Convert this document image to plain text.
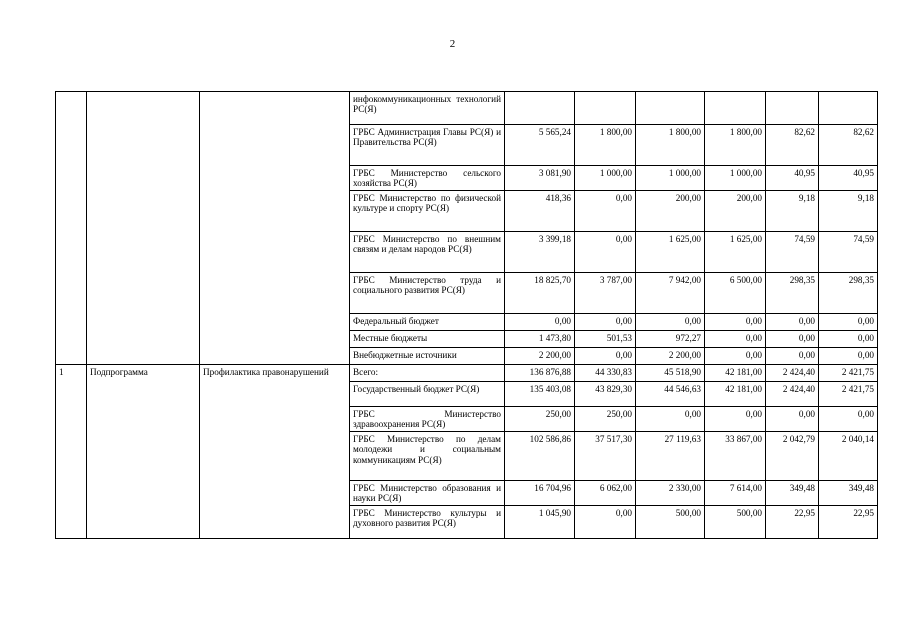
2
			инфокоммуникационных технологий РС(Я)						
			ГРБС Администрация Главы РС(Я) и Правительства РС(Я)	5 565,24	1 800,00	1 800,00	1 800,00	82,62	82,62
			ГРБС Министерство сельского хозяйства РС(Я)	3 081,90	1 000,00	1 000,00	1 000,00	40,95	40,95
			ГРБС Министерство по физической культуре и спорту РС(Я)	418,36	0,00	200,00	200,00	9,18	9,18
			ГРБС Министерство по внешним связям и делам народов РС(Я)	3 399,18	0,00	1 625,00	1 625,00	74,59	74,59
			ГРБС Министерство труда и социального развития РС(Я)	18 825,70	3 787,00	7 942,00	6 500,00	298,35	298,35
			Федеральный бюджет	0,00	0,00	0,00	0,00	0,00	0,00
			Местные бюджеты	1 473,80	501,53	972,27	0,00	0,00	0,00
			Внебюджетные источники	2 200,00	0,00	2 200,00	0,00	0,00	0,00
1	Подпрограмма	Профилактика правонарушений	Всего:	136 876,88	44 330,83	45 518,90	42 181,00	2 424,40	2 421,75
			Государственный бюджет РС(Я)	135 403,08	43 829,30	44 546,63	42 181,00	2 424,40	2 421,75
			ГРБС Министерство здравоохранения РС(Я)	250,00	250,00	0,00	0,00	0,00	0,00
			ГРБС Министерство по делам молодежи и социальным коммуникациям РС(Я)	102 586,86	37 517,30	27 119,63	33 867,00	2 042,79	2 040,14
			ГРБС Министерство образования и науки РС(Я)	16 704,96	6 062,00	2 330,00	7 614,00	349,48	349,48
			ГРБС Министерство культуры и духовного развития РС(Я)	1 045,90	0,00	500,00	500,00	22,95	22,95
